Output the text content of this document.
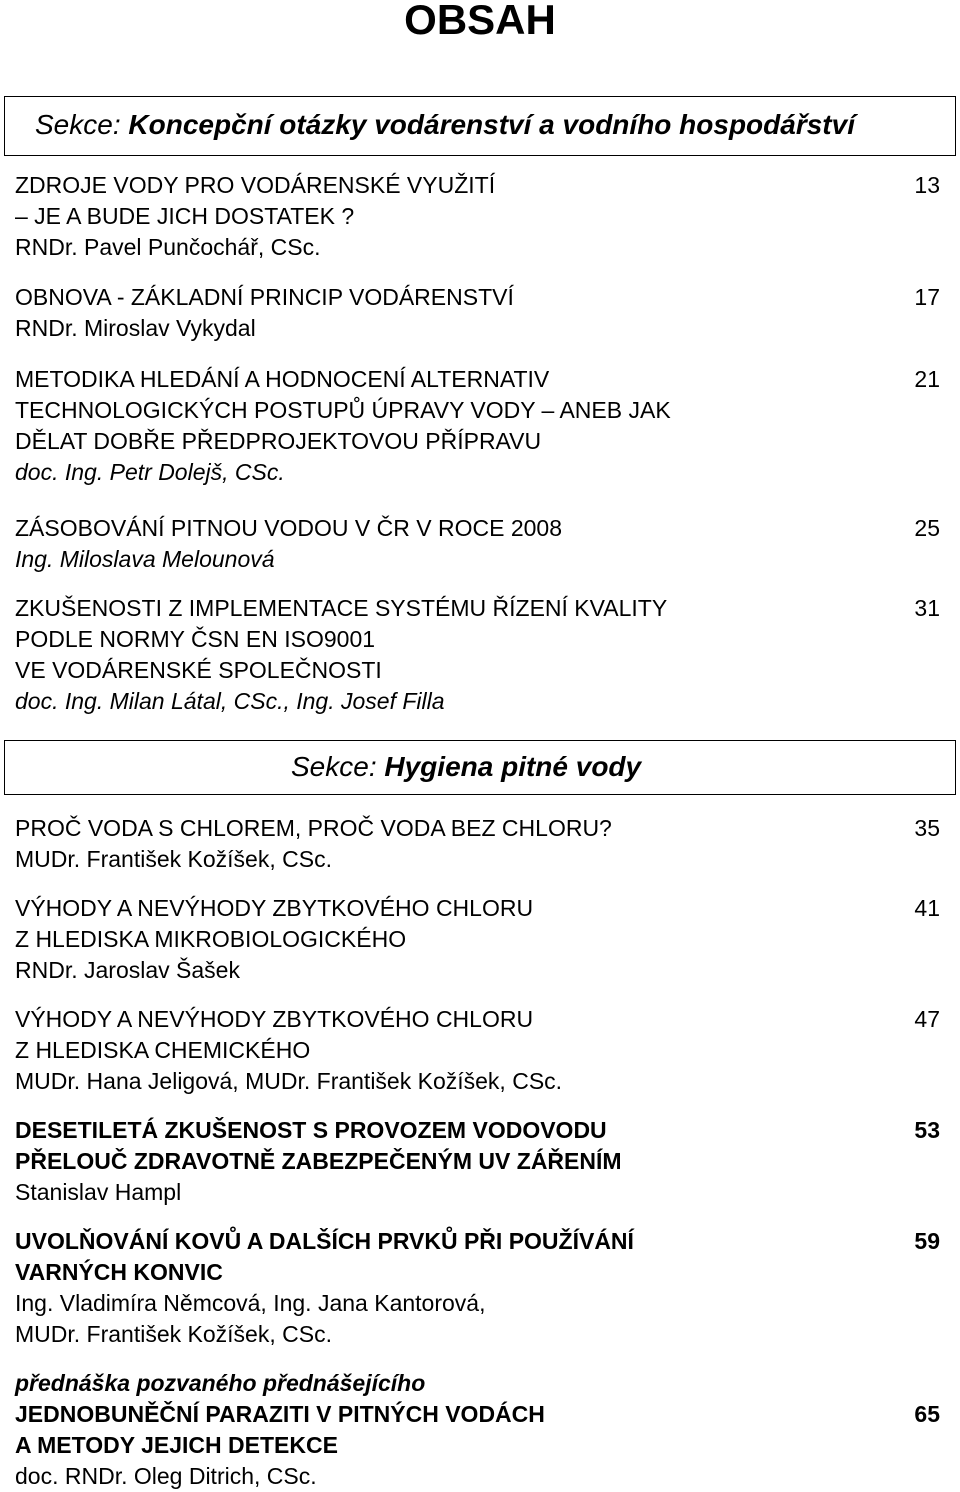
OBSAH
Sekce: Koncepční otázky vodárenství a vodního hospodářství
ZDROJE VODY PRO VODÁRENSKÉ VYUŽITÍ
– JE A BUDE JICH DOSTATEK ?
RNDr. Pavel Punčochář, CSc.
13
OBNOVA - ZÁKLADNÍ PRINCIP VODÁRENSTVÍ
RNDr. Miroslav Vykydal
17
METODIKA HLEDÁNÍ A HODNOCENÍ ALTERNATIV
TECHNOLOGICKÝCH POSTUPŮ ÚPRAVY VODY – ANEB JAK
DĚLAT DOBŘE PŘEDPROJEKTOVOU PŘÍPRAVU
doc. Ing. Petr Dolejš, CSc.
21
ZÁSOBOVÁNÍ PITNOU VODOU V ČR V ROCE 2008
Ing. Miloslava Melounová
25
ZKUŠENOSTI Z IMPLEMENTACE SYSTÉMU ŘÍZENÍ KVALITY
PODLE NORMY ČSN EN ISO9001
VE VODÁRENSKÉ SPOLEČNOSTI
doc. Ing. Milan Látal, CSc., Ing. Josef Filla
31
Sekce: Hygiena pitné vody
PROČ VODA S CHLOREM, PROČ VODA BEZ CHLORU?
MUDr. František Kožíšek, CSc.
35
VÝHODY A NEVÝHODY ZBYTKOVÉHO CHLORU
Z HLEDISKA MIKROBIOLOGICKÉHO
RNDr. Jaroslav Šašek
41
VÝHODY A NEVÝHODY ZBYTKOVÉHO CHLORU
Z HLEDISKA CHEMICKÉHO
MUDr. Hana Jeligová, MUDr. František Kožíšek, CSc.
47
DESETILETÁ ZKUŠENOST S PROVOZEM VODOVODU
PŘELOUČ ZDRAVOTNĚ ZABEZPEČENÝM UV ZÁŘENÍM
Stanislav Hampl
53
UVOLŇOVÁNÍ KOVŮ A DALŠÍCH PRVKŮ PŘI POUŽÍVÁNÍ
VARNÝCH KONVIC
Ing. Vladimíra Němcová, Ing. Jana Kantorová,
MUDr. František Kožíšek, CSc.
59
přednáška pozvaného přednášejícího
JEDNOBUNĚČNÍ PARAZITI V PITNÝCH VODÁCH
A METODY JEJICH DETEKCE
doc. RNDr. Oleg Ditrich, CSc.
65
